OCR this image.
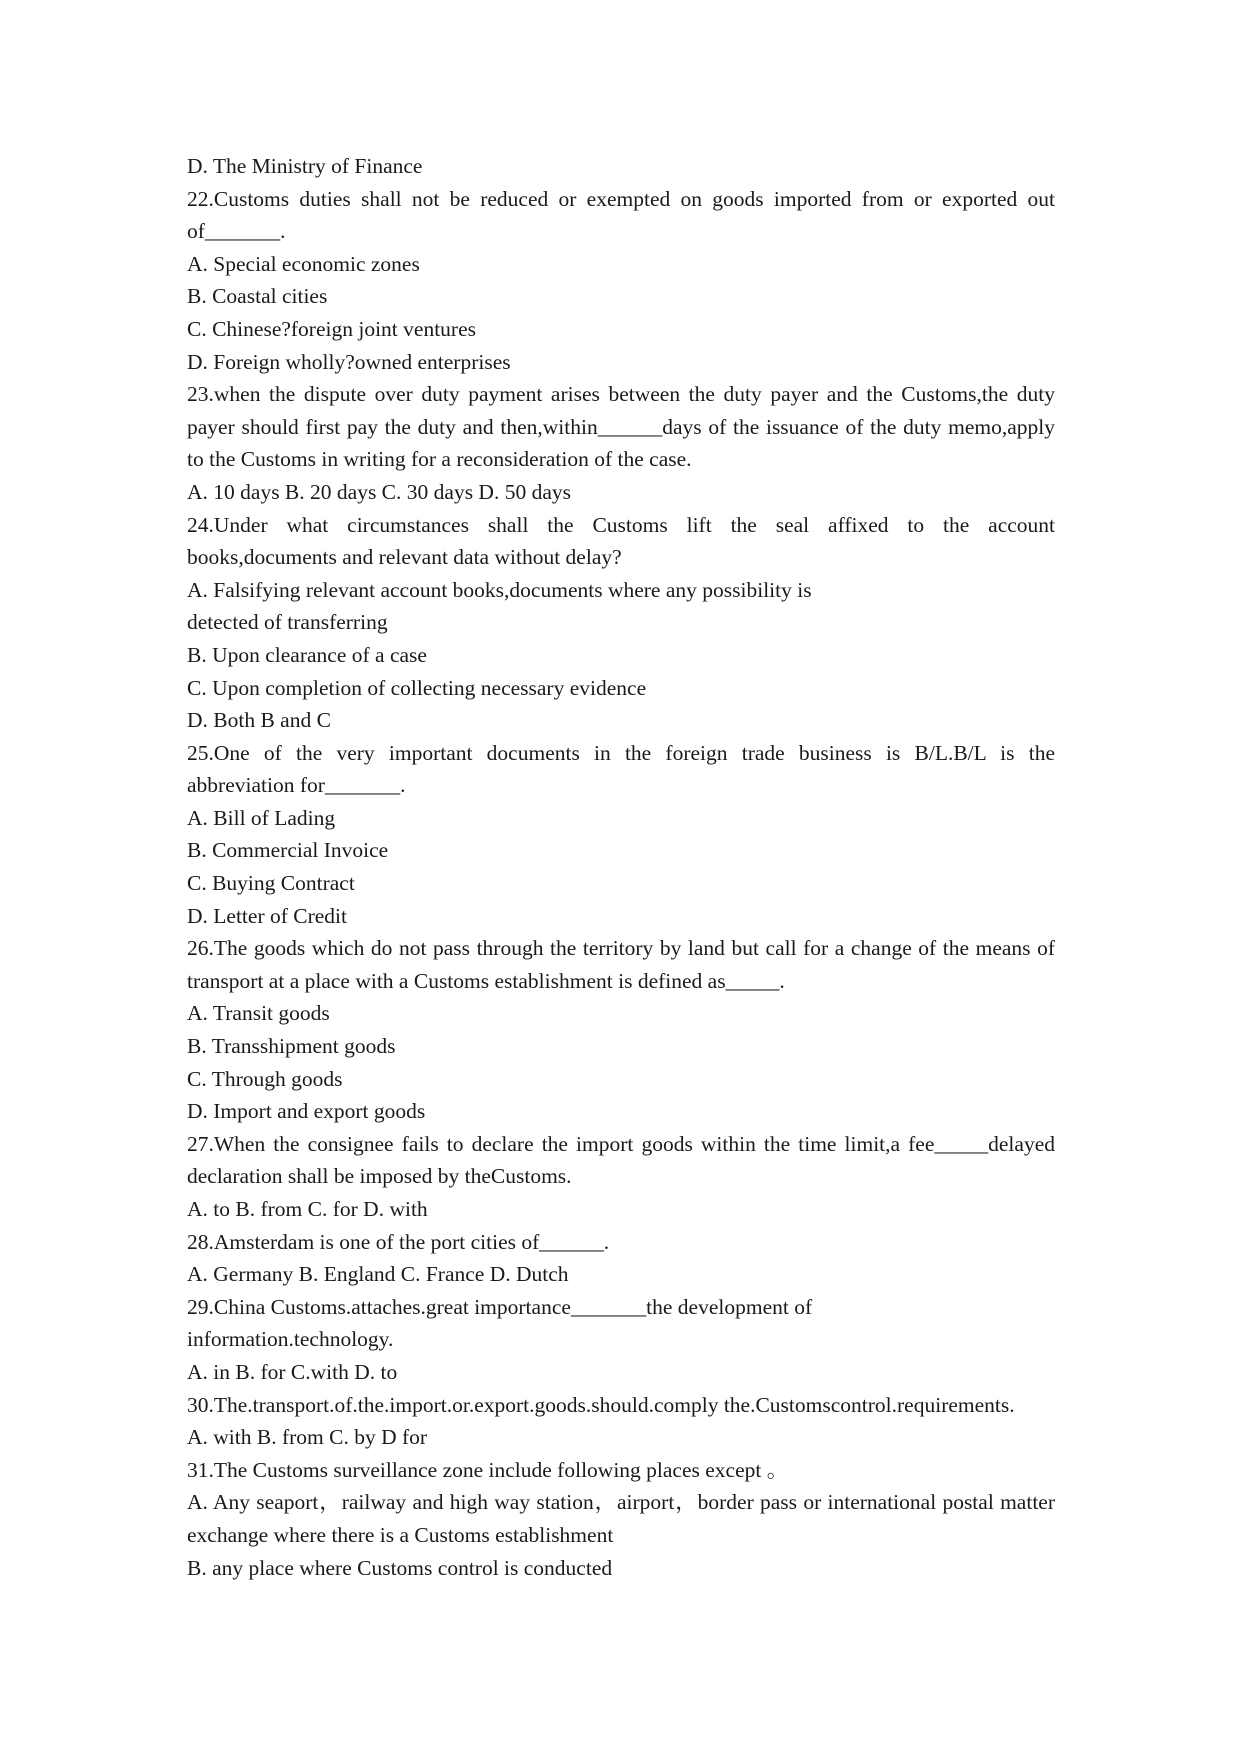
D. The Ministry of Finance
22.Customs duties shall not be reduced or exempted on goods imported from or exported out
of_______.
A. Special economic zones
B. Coastal cities
C. Chinese?foreign joint ventures
D. Foreign wholly?owned enterprises
23.when the dispute over duty payment arises between the duty payer and the Customs,the duty
payer should first pay the duty and then,within______days of the issuance of the duty memo,apply
to the Customs in writing for a reconsideration of the case.
A. 10 days B. 20 days C. 30 days D. 50 days
24.Under what circumstances shall the Customs lift the seal affixed to the account
books,documents and relevant data without delay?
A. Falsifying relevant account books,documents where any possibility is
detected of transferring
B. Upon clearance of a case
C. Upon completion of collecting necessary evidence
D. Both B and C
25.One of the very important documents in the foreign trade business is B/L.B/L is the
abbreviation for_______.
A. Bill of Lading
B. Commercial Invoice
C. Buying Contract
D. Letter of Credit
26.The goods which do not pass through the territory by land but call for a change of the means of
transport at a place with a Customs establishment is defined as_____.
A. Transit goods
B. Transshipment goods
C. Through goods
D. Import and export goods
27.When the consignee fails to declare the import goods within the time limit,a fee_____delayed
declaration shall be imposed by theCustoms.
A. to B. from C. for D. with
28.Amsterdam is one of the port cities of______.
A. Germany B. England C. France D. Dutch
29.China Customs.attaches.great importance_______the development of
information.technology.
A. in B. for C.with D. to
30.The.transport.of.the.import.or.export.goods.should.comply the.Customscontrol.requirements.
A. with B. from C. by D for
31.The Customs surveillance zone include following places except 。
A. Any seaport，railway and high way station，airport，border pass or international postal matter
exchange where there is a Customs establishment
B. any place where Customs control is conducted
